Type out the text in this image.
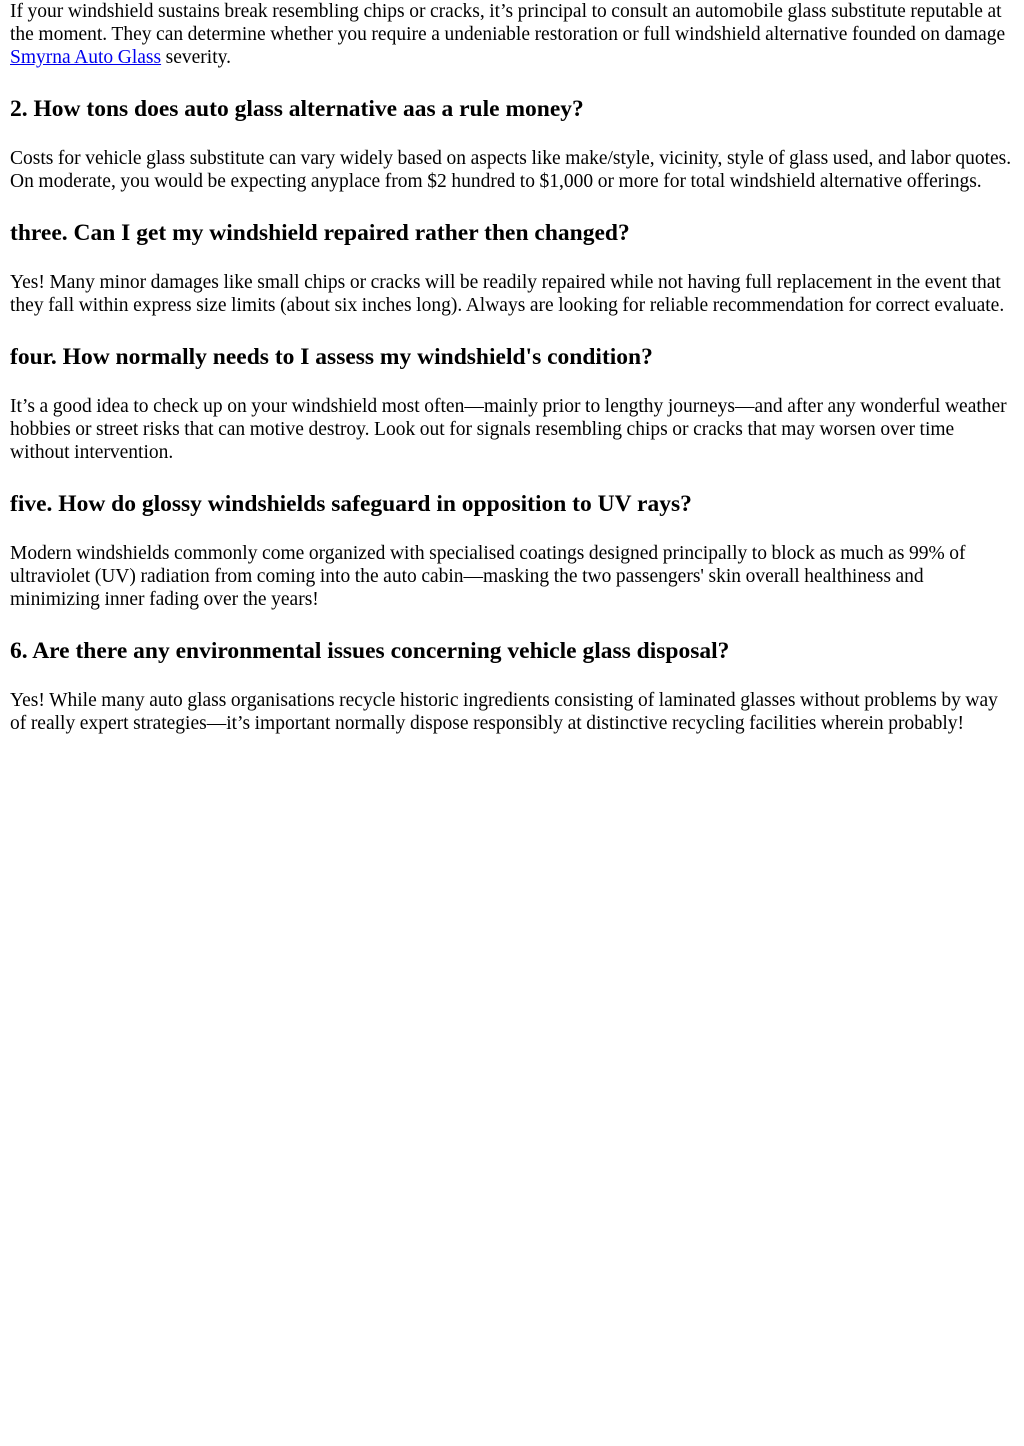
If your windshield sustains break resembling chips or cracks, it’s principal to consult an automobile glass substitute reputable at the moment. They can determine whether you require a undeniable restoration or full windshield alternative founded on damage Smyrna Auto Glass severity.

2. How tons does auto glass alternative aas a rule money?

Costs for vehicle glass substitute can vary widely based on aspects like make/style, vicinity, style of glass used, and labor quotes. On moderate, you would be expecting anyplace from $2 hundred to $1,000 or more for total windshield alternative offerings.

three. Can I get my windshield repaired rather then changed?

Yes! Many minor damages like small chips or cracks will be readily repaired while not having full replacement in the event that they fall within express size limits (about six inches long). Always are looking for reliable recommendation for correct evaluate.

four. How normally needs to I assess my windshield's condition?

It’s a good idea to check up on your windshield most often—mainly prior to lengthy journeys—and after any wonderful weather hobbies or street risks that can motive destroy. Look out for signals resembling chips or cracks that may worsen over time without intervention.

five. How do glossy windshields safeguard in opposition to UV rays?

Modern windshields commonly come organized with specialised coatings designed principally to block as much as 99% of ultraviolet (UV) radiation from coming into the auto cabin—masking the two passengers' skin overall healthiness and minimizing inner fading over the years!

6. Are there any environmental issues concerning vehicle glass disposal?

Yes! While many auto glass organisations recycle historic ingredients consisting of laminated glasses without problems by way of really expert strategies—it’s important normally dispose responsibly at distinctive recycling facilities wherein probably!
